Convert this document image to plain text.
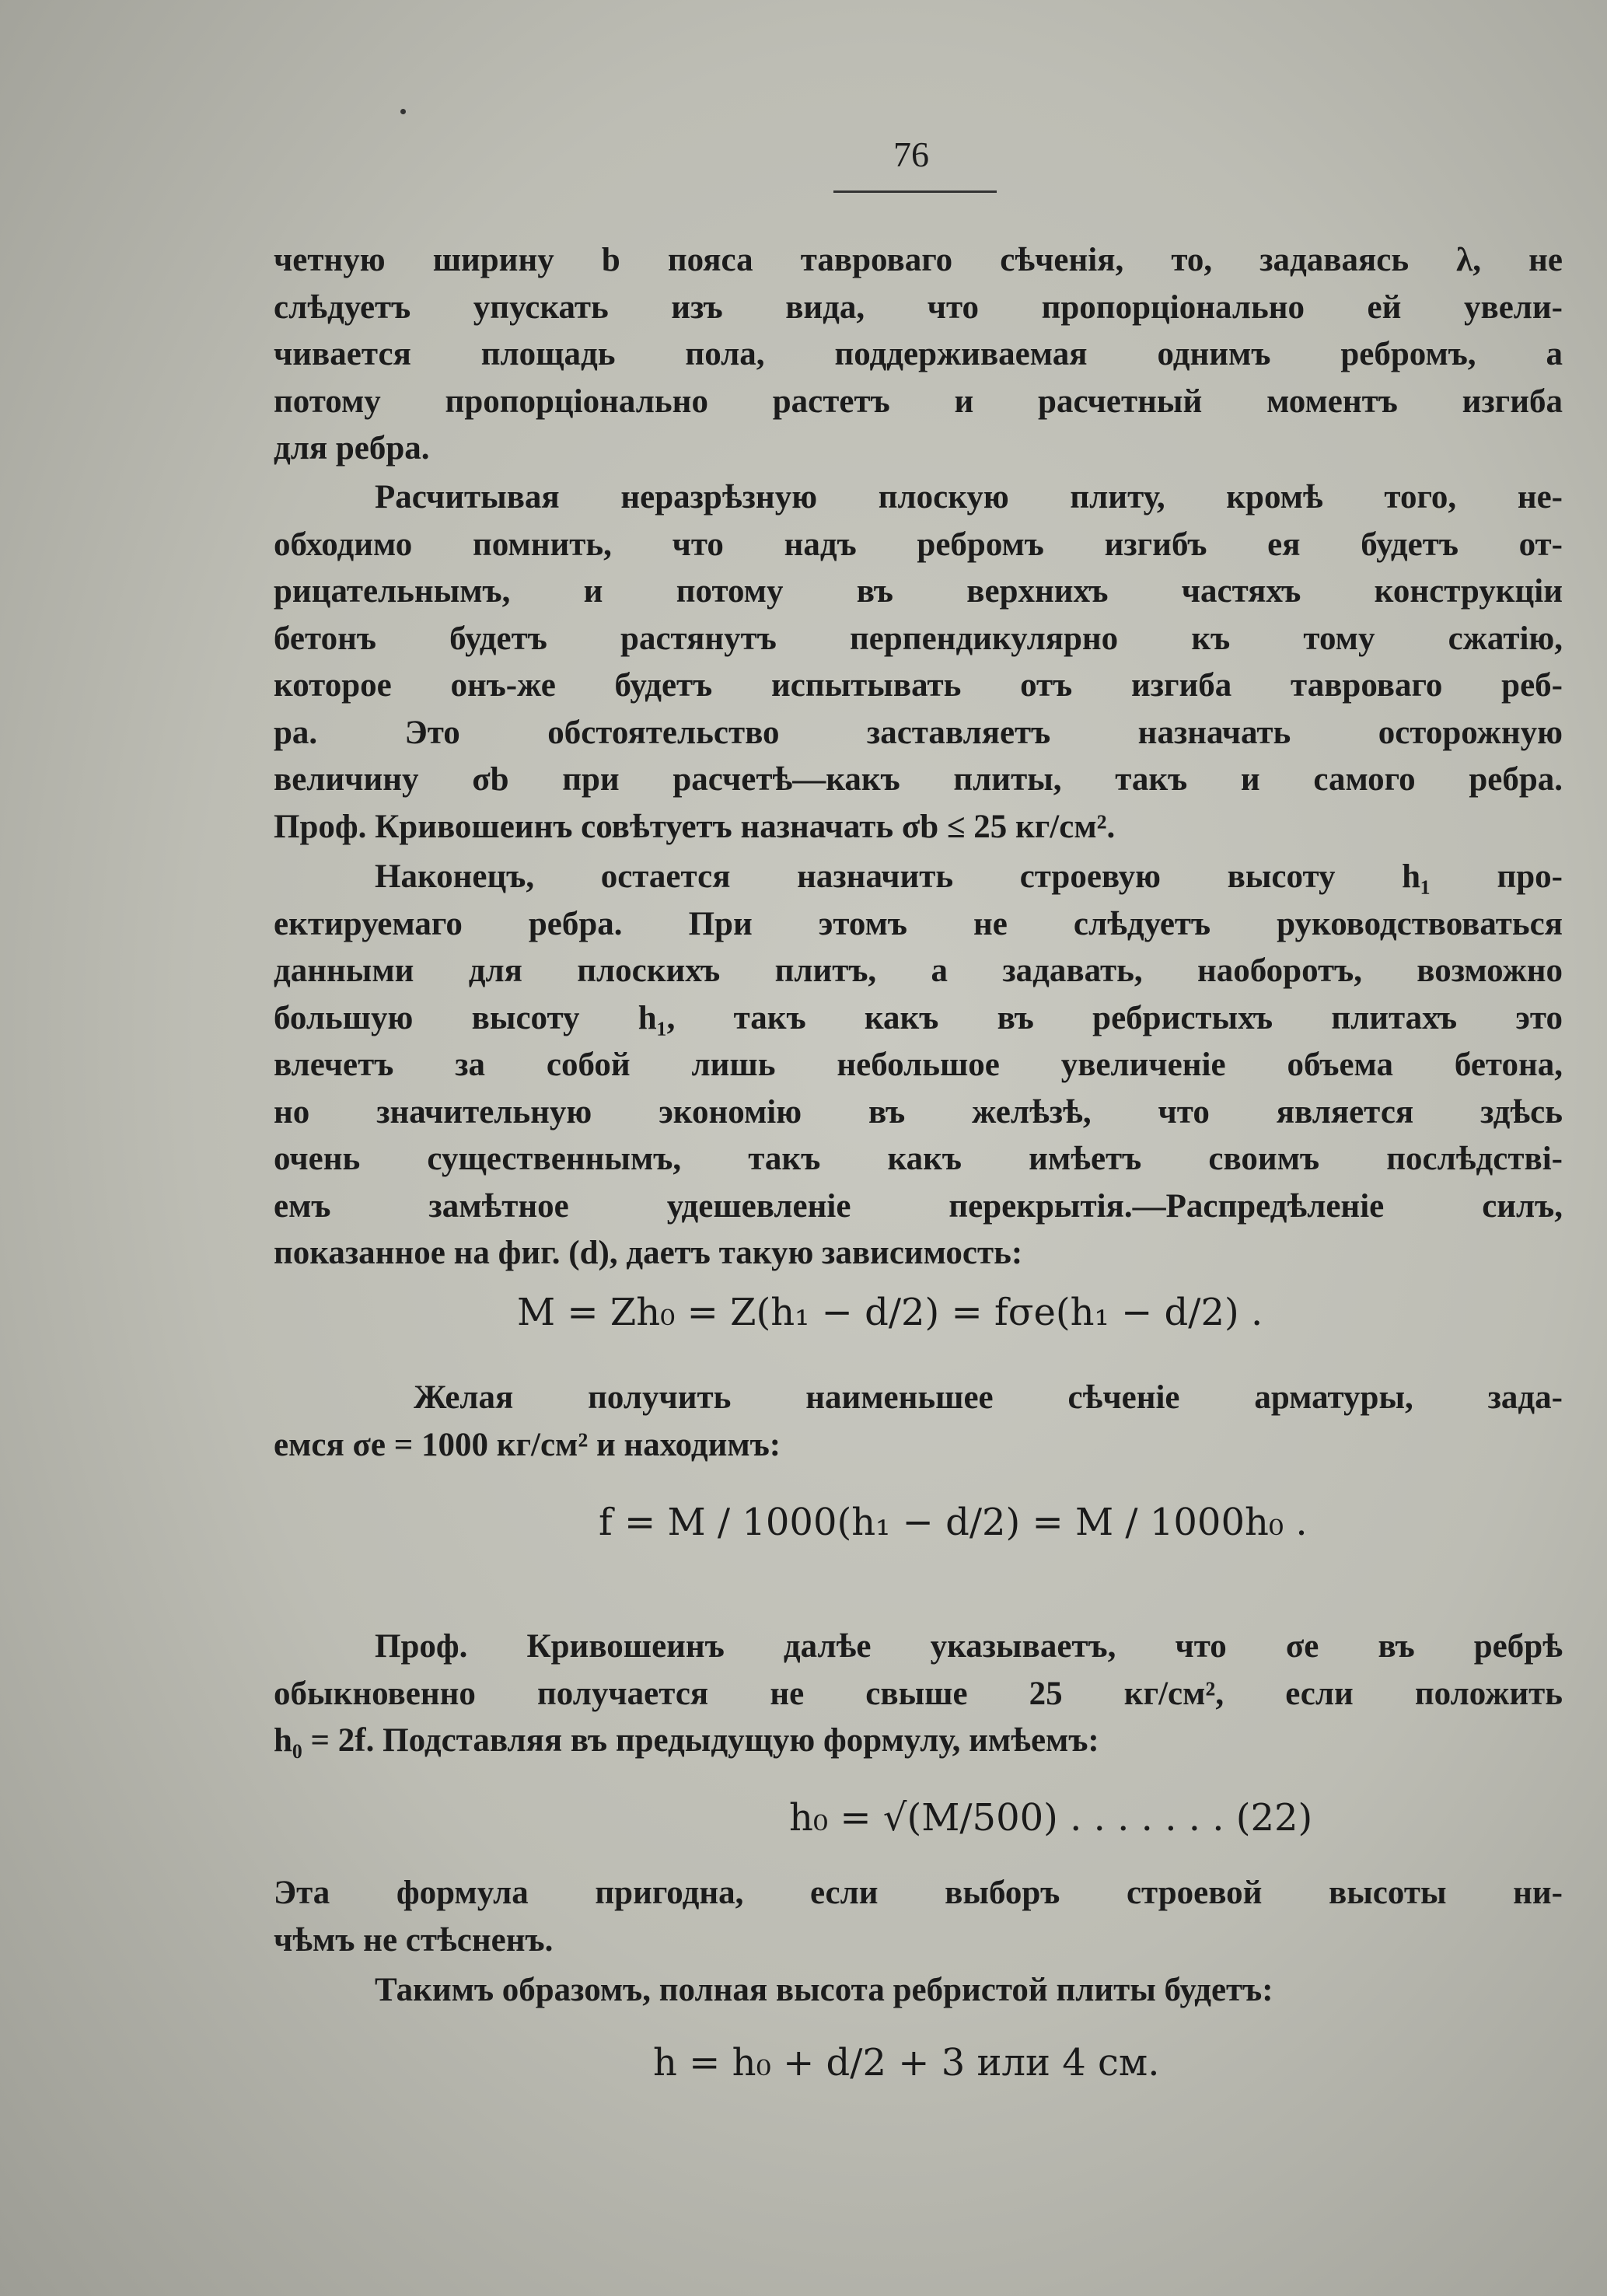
76
четную ширину b пояса тавроваго сѣченія, то, задаваясь λ, не
слѣдуетъ упускать изъ вида, что пропорціонально ей увели-
чивается площадь пола, поддерживаемая однимъ ребромъ, а
потому пропорціонально растетъ и расчетный моментъ изгиба
для ребра.
Расчитывая неразрѣзную плоскую плиту, кромѣ того, не-
обходимо помнить, что надъ ребромъ изгибъ ея будетъ от-
рицательнымъ, и потому въ верхнихъ частяхъ конструкціи
бетонъ будетъ растянутъ перпендикулярно къ тому сжатію,
которое онъ-же будетъ испытывать отъ изгиба тавроваго реб-
ра. Это обстоятельство заставляетъ назначать осторожную
величину σb при расчетѣ—какъ плиты, такъ и самого ребра.
Проф. Кривошеинъ совѣтуетъ назначать σb ≤ 25 кг/см².
Наконецъ, остается назначить строевую высоту h₁ про-
ектируемаго ребра. При этомъ не слѣдуетъ руководствоваться
данными для плоскихъ плитъ, а задавать, наоборотъ, возможно
большую высоту h₁, такъ какъ въ ребристыхъ плитахъ это
влечетъ за собой лишь небольшое увеличеніе объема бетона,
но значительную экономію въ желѣзѣ, что является здѣсь
очень существеннымъ, такъ какъ имѣетъ своимъ послѣдстві-
емъ замѣтное удешевленіе перекрытія.—Распредѣленіе силъ,
показанное на фиг. (d), даетъ такую зависимость:
M = Zh₀ = Z(h₁ − d/2) = fσe(h₁ − d/2) .
Желая получить наименьшее сѣченіе арматуры, зада-
емся σe = 1000 кг/см² и находимъ:
f = M / 1000(h₁ − d/2) = M / 1000h₀ .
Проф. Кривошеинъ далѣе указываетъ, что σe въ ребрѣ
обыкновенно получается не свыше 25 кг/см², если положить
h₀ = 2f. Подставляя въ предыдущую формулу, имѣемъ:
h₀ = √(M/500) . . . . . . . (22)
Эта формула пригодна, если выборъ строевой высоты ни-
чѣмъ не стѣсненъ.
Такимъ образомъ, полная высота ребристой плиты будетъ:
h = h₀ + d/2 + 3 или 4 см.
